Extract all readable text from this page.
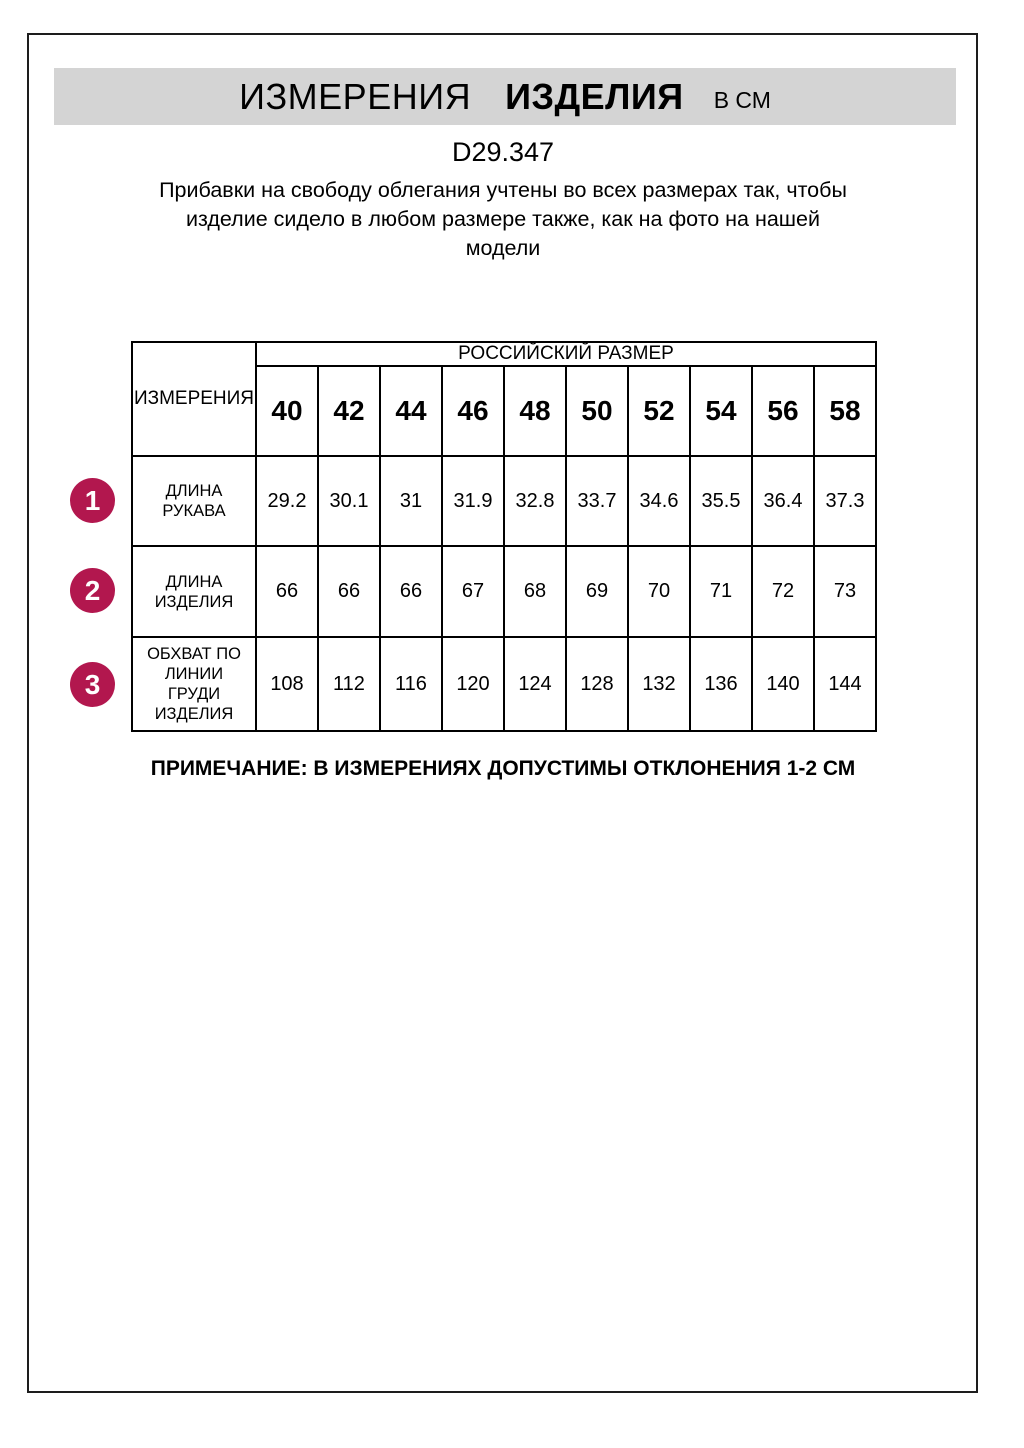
ИЗМЕРЕНИЯ ИЗДЕЛИЯ В СМ
D29.347
Прибавки на свободу облегания учтены во всех размерах так, чтобы
изделие сидело в любом размере также, как на фото на нашей
модели
1
2
3
ИЗМЕРЕНИЯ	РОССИЙСКИЙ РАЗМЕР									
	40	42	44	46	48	50	52	54	56	58

ДЛИНА
РУКАВА	29.2	30.1	31	31.9	32.8	33.7	34.6	35.5	36.4	37.3

ДЛИНА
ИЗДЕЛИЯ	66	66	66	67	68	69	70	71	72	73

ОБХВАТ ПО
ЛИНИИ
ГРУДИ
ИЗДЕЛИЯ	108	112	116	120	124	128	132	136	140	144
ПРИМЕЧАНИЕ: В ИЗМЕРЕНИЯХ ДОПУСТИМЫ ОТКЛОНЕНИЯ 1-2 СМ
